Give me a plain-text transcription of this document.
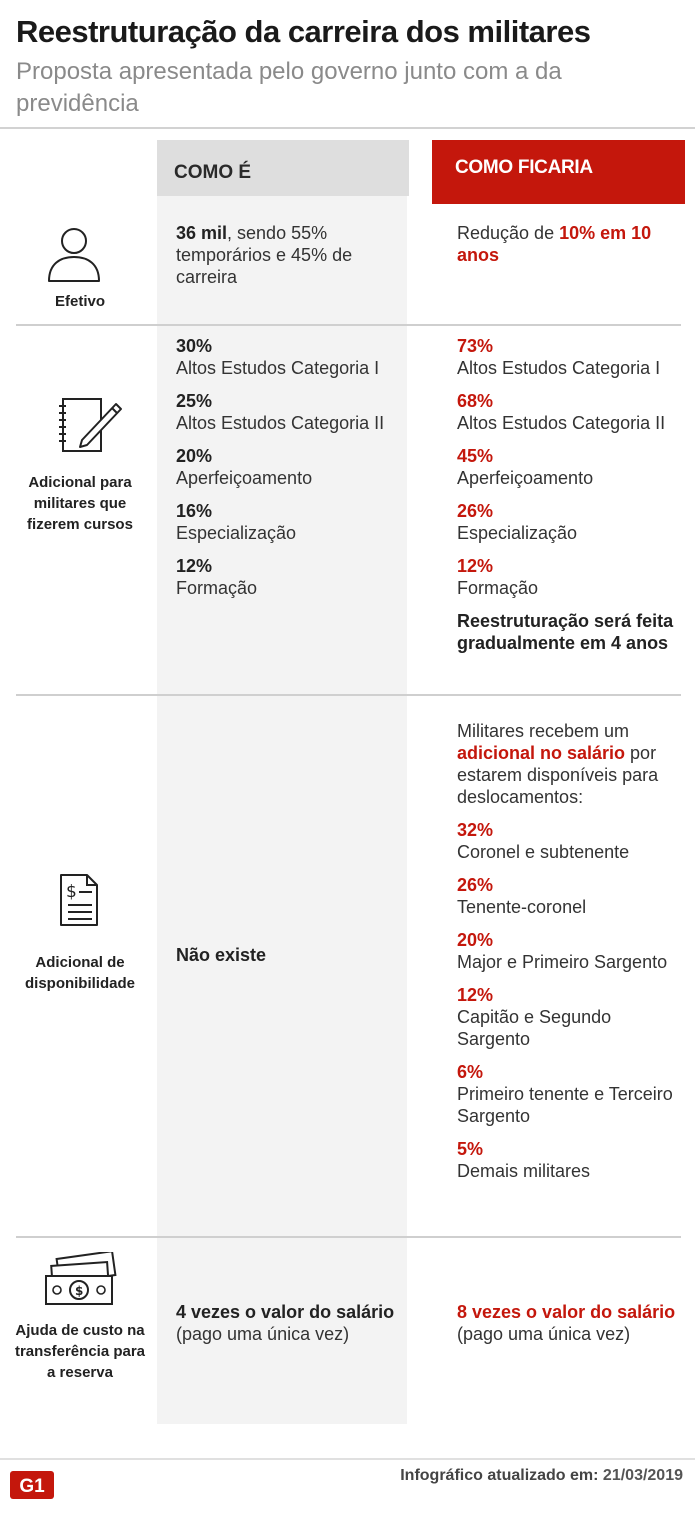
Reestruturação da carreira dos militares
Proposta apresentada pelo governo junto com a da previdência
COMO É	COMO FICARIA
Efetivo
36 mil, sendo 55% temporários e 45% de carreira
Redução de 10% em 10 anos
Adicional para militares que fizerem cursos
30%
Altos Estudos Categoria I
25%
Altos Estudos Categoria II
20%
Aperfeiçoamento
16%
Especialização
12%
Formação
73%
Altos Estudos Categoria I
68%
Altos Estudos Categoria II
45%
Aperfeiçoamento
26%
Especialização
12%
Formação
Reestruturação será feita gradualmente em 4 anos
$
Adicional de disponibilidade
Não existe
Militares recebem um adicional no salário por estarem disponíveis para deslocamentos:
32%
Coronel e subtenente
26%
Tenente-coronel
20%
Major e Primeiro Sargento
12%
Capitão e Segundo Sargento
6%
Primeiro tenente e Terceiro Sargento
5%
Demais militares
$
Ajuda de custo na transferência para a reserva
4 vezes o valor do salário
(pago uma única vez)
8 vezes o valor do salário
(pago uma única vez)
G1
Infográfico atualizado em: 21/03/2019
